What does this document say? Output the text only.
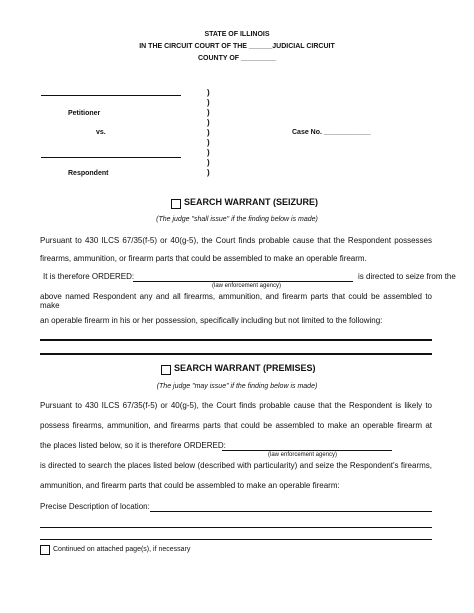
STATE OF ILLINOIS
IN THE CIRCUIT COURT OF THE ______JUDICIAL CIRCUIT
COUNTY OF _________
Petitioner
vs.
Respondent
)
)
)
)
)
)
)
)
)
Case No. ____________
SEARCH WARRANT (SEIZURE)
(The judge "shall issue" if the finding below is made)
Pursuant to 430 ILCS 67/35(f-5) or 40(g-5), the Court finds probable cause that the Respondent possesses
firearms, ammunition, or firearm parts that could be assembled to make an operable firearm.
It is therefore ORDERED:	is directed to seize from the
(law enforcement agency)
above named Respondent any and all firearms, ammunition, and firearm parts that could be assembled to make
an operable firearm in his or her possession, specifically including but not limited to the following:
SEARCH WARRANT (PREMISES)
(The judge "may issue" if the finding below is made)
Pursuant to 430 ILCS 67/35(f-5) or 40(g-5), the Court finds probable cause that the Respondent is likely to
possess firearms, ammunition, and firearms parts that could be assembled to make an operable firearm at
the places listed below, so it is therefore ORDERED:
(law enforcement agency)
is directed to search the places listed below (described with particularity) and seize the Respondent's firearms,
ammunition, and firearm parts that could be assembled to make an operable firearm:
Precise Description of location:
Continued on attached page(s), if necessary
